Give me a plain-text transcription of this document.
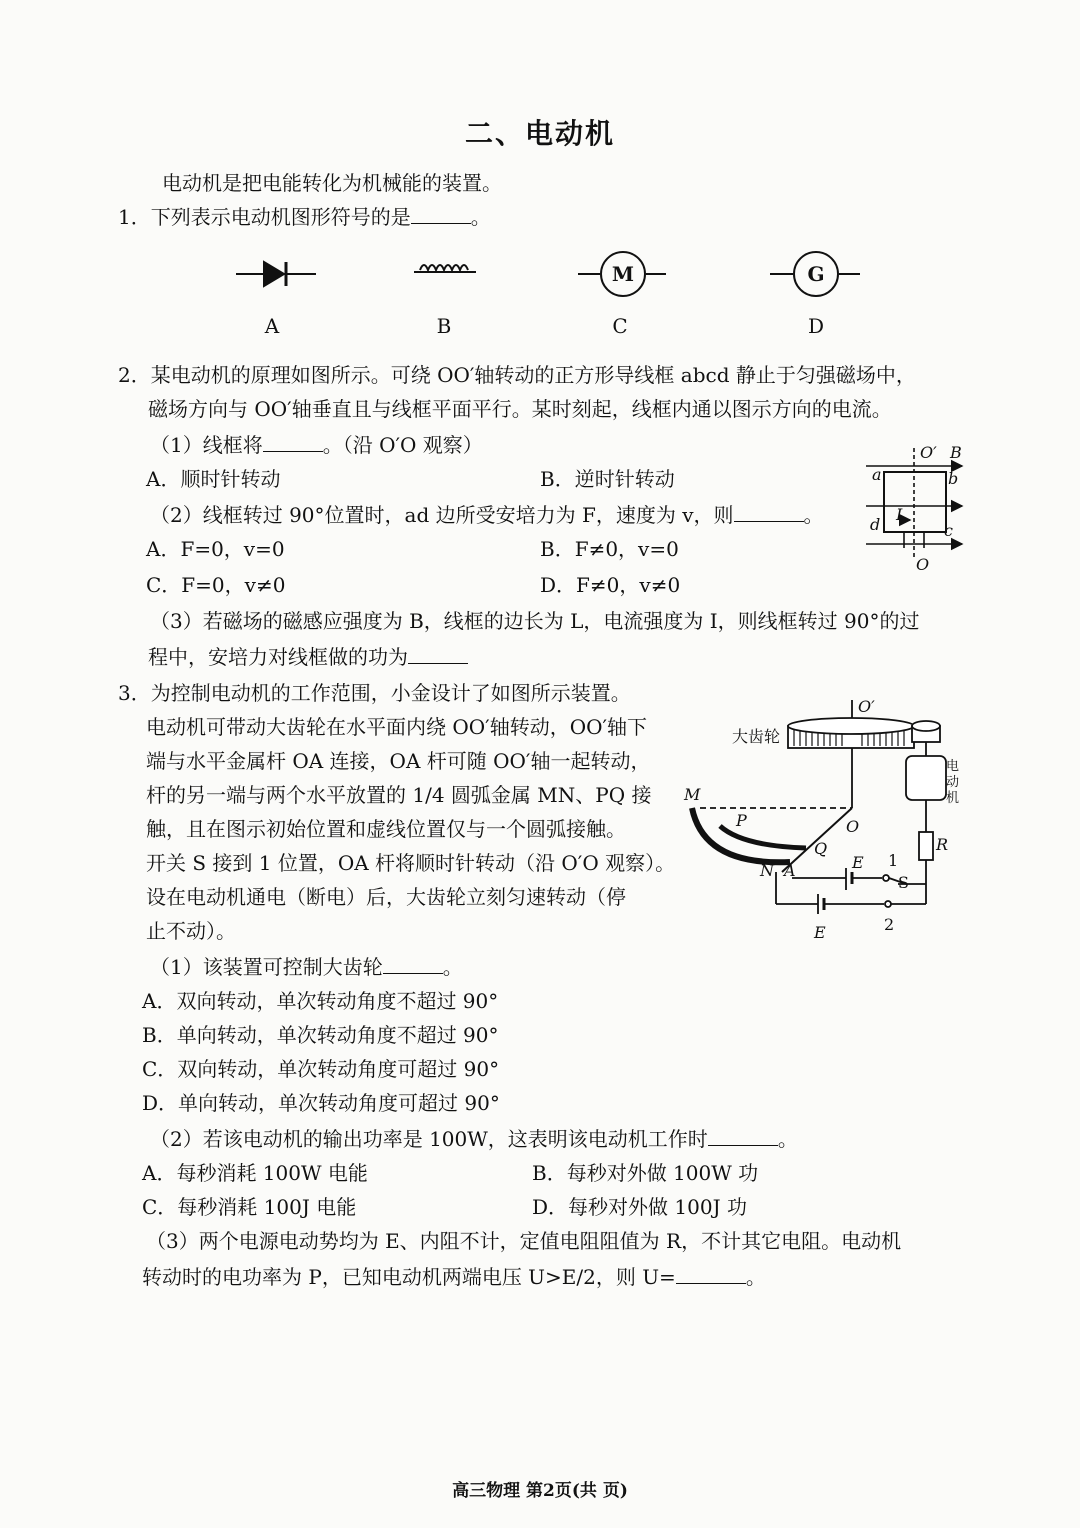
二、电动机
电动机是把电能转化为机械能的装置。
1．下列表示电动机图形符号的是	。
M	G
A	B	C	D
2．某电动机的原理如图所示。可绕 OO′轴转动的正方形导线框 abcd 静止于匀强磁场中，
磁场方向与 OO′轴垂直且与线框平面平行。某时刻起，线框内通以图示方向的电流。
（1）线框将	。（沿 O′O 观察）
A．顺时针转动	B．逆时针转动
（2）线框转过 90°位置时，ad 边所受安培力为 F，速度为 v，则	。
A．F=0，v=0	B．F≠0，v=0
C．F=0，v≠0	D．F≠0，v≠0
（3）若磁场的磁感应强度为 B，线框的边长为 L，电流强度为 I，则线框转过 90°的过
程中，安培力对线框做的功为
O′ B
a	b
d	c
I
O
3．为控制电动机的工作范围，小金设计了如图所示装置。
电动机可带动大齿轮在水平面内绕 OO′轴转动，OO′轴下
端与水平金属杆 OA 连接，OA 杆可随 OO′轴一起转动，
杆的另一端与两个水平放置的 1/4 圆弧金属 MN、PQ 接
触，且在图示初始位置和虚线位置仅与一个圆弧接触。
开关 S 接到 1 位置，OA 杆将顺时针转动（沿 O′O 观察）。
设在电动机通电（断电）后，大齿轮立刻匀速转动（停
止不动）。
（1）该装置可控制大齿轮	。
A．双向转动，单次转动角度不超过 90°
B．单向转动，单次转动角度不超过 90°
C．双向转动，单次转动角度可超过 90°
D．单向转动，单次转动角度可超过 90°
（2）若该电动机的输出功率是 100W，这表明该电动机工作时	。
A．每秒消耗 100W 电能	B．每秒对外做 100W 功
C．每秒消耗 100J 电能	D．每秒对外做 100J 功
（3）两个电源电动势均为 E、内阻不计，定值电阻阻值为 R，不计其它电阻。电动机
转动时的电功率为 P，已知电动机两端电压 U>E/2，则 U=	。
O′
大齿轮
电
动
机
M
P	O
Q
N A	E 1
S
2
E
R
高三物理 第2页(共 页)
